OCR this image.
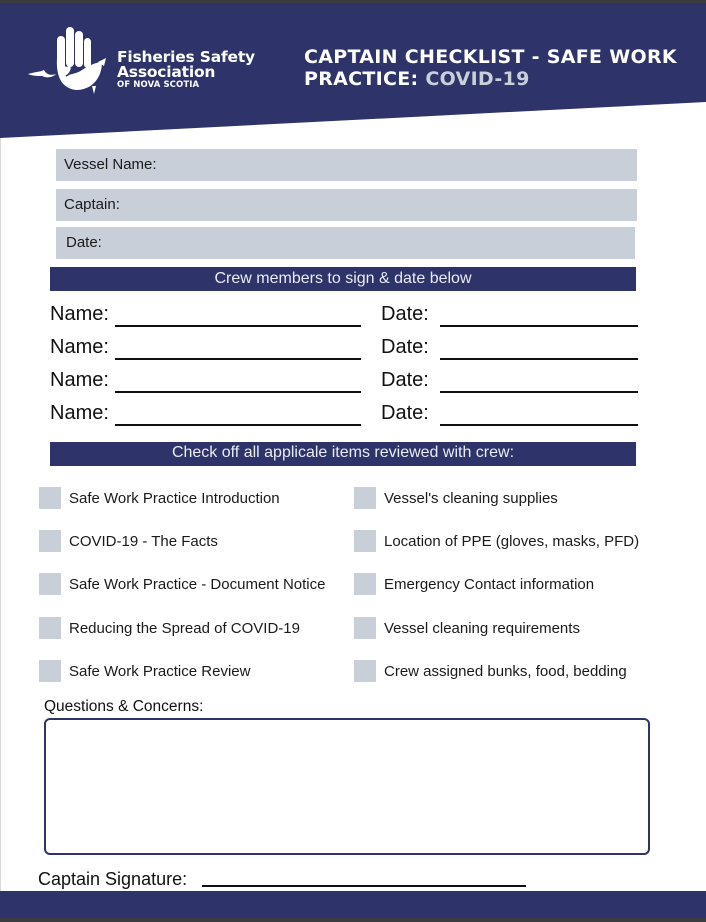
Fisheries Safety
Association
OF NOVA SCOTIA
CAPTAIN CHECKLIST - SAFE WORK
PRACTICE: COVID-19
Vessel Name:
Captain:
Date:
Crew members to sign & date below
Name:	Date:
Name:	Date:
Name:	Date:
Name:	Date:
Check off all applicale items reviewed with crew:
Safe Work Practice Introduction
COVID-19 - The Facts
Safe Work Practice - Document Notice
Reducing the Spread of COVID-19
Safe Work Practice Review
Vessel's cleaning supplies
Location of PPE (gloves, masks, PFD)
Emergency Contact information
Vessel cleaning requirements
Crew assigned bunks, food, bedding
Questions & Concerns:
Captain Signature:
